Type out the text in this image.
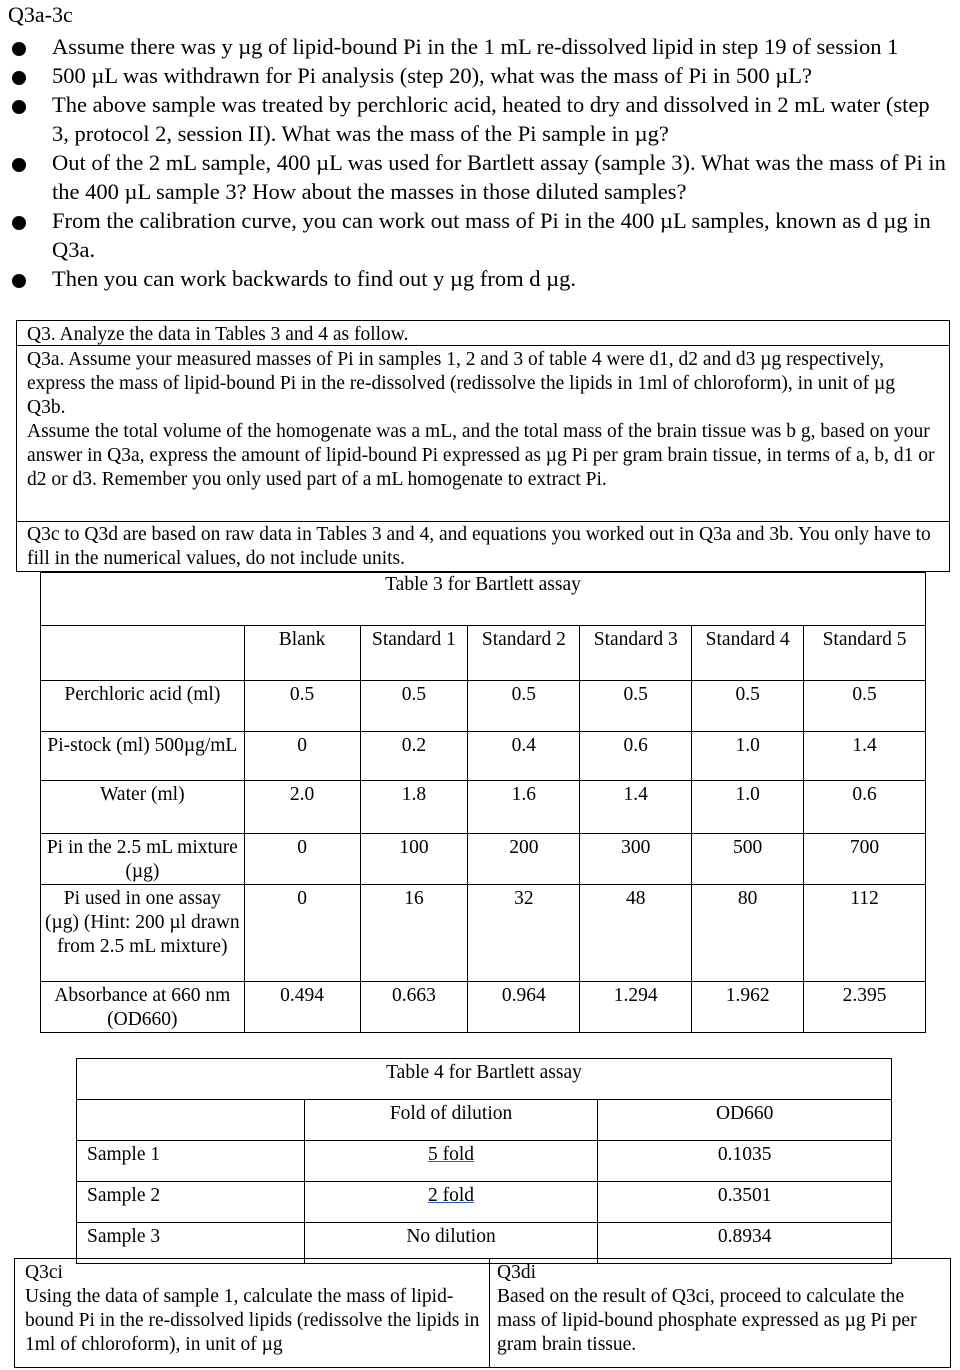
Q3a-3c
Assume there was y µg of lipid-bound Pi in the 1 mL re-dissolved lipid in step 19 of session 1
500 µL was withdrawn for Pi analysis (step 20), what was the mass of Pi in 500 µL?
The above sample was treated by perchloric acid, heated to dry and dissolved in 2 mL water (step 3, protocol 2, session II). What was the mass of the Pi sample in µg?
Out of the 2 mL sample, 400 µL was used for Bartlett assay (sample 3). What was the mass of Pi in the 400 µL sample 3? How about the masses in those diluted samples?
From the calibration curve, you can work out mass of Pi in the 400 µL samples, known as d µg in Q3a.
Then you can work backwards to find out y µg from d µg.
Q3. Analyze the data in Tables 3 and 4 as follow.
Q3a. Assume your measured masses of Pi in samples 1, 2 and 3 of table 4 were d1, d2 and d3 µg respectively, express the mass of lipid-bound Pi in the re-dissolved (redissolve the lipids in 1ml of chloroform), in unit of µg
Q3b.
Assume the total volume of the homogenate was a mL, and the total mass of the brain tissue was b g, based on your answer in Q3a, express the amount of lipid-bound Pi expressed as µg Pi per gram brain tissue, in terms of a, b, d1 or d2 or d3. Remember you only used part of a mL homogenate to extract Pi.
Q3c to Q3d are based on raw data in Tables 3 and 4, and equations you worked out in Q3a and 3b. You only have to fill in the numerical values, do not include units.
Table 3 for Bartlett assay						
	Blank	Standard 1	Standard 2	Standard 3	Standard 4	Standard 5
Perchloric acid (ml)	0.5	0.5	0.5	0.5	0.5	0.5
Pi-stock (ml) 500µg/mL	0	0.2	0.4	0.6	1.0	1.4
Water (ml)	2.0	1.8	1.6	1.4	1.0	0.6
Pi in the 2.5 mL mixture (µg)	0	100	200	300	500	700
Pi used in one assay (µg) (Hint: 200 µl drawn from 2.5 mL mixture)	0	16	32	48	80	112
Absorbance at 660 nm (OD660)	0.494	0.663	0.964	1.294	1.962	2.395
Table 4 for Bartlett assay		
	Fold of dilution	OD660
Sample 1	5 fold	0.1035
Sample 2	2 fold	0.3501
Sample 3	No dilution	0.8934
Q3ci
Using the data of sample 1, calculate the mass of lipid-bound Pi in the re-dissolved lipids (redissolve the lipids in 1ml of chloroform), in unit of µg
Q3di
Based on the result of Q3ci, proceed to calculate the mass of lipid-bound phosphate expressed as µg Pi per gram brain tissue.
